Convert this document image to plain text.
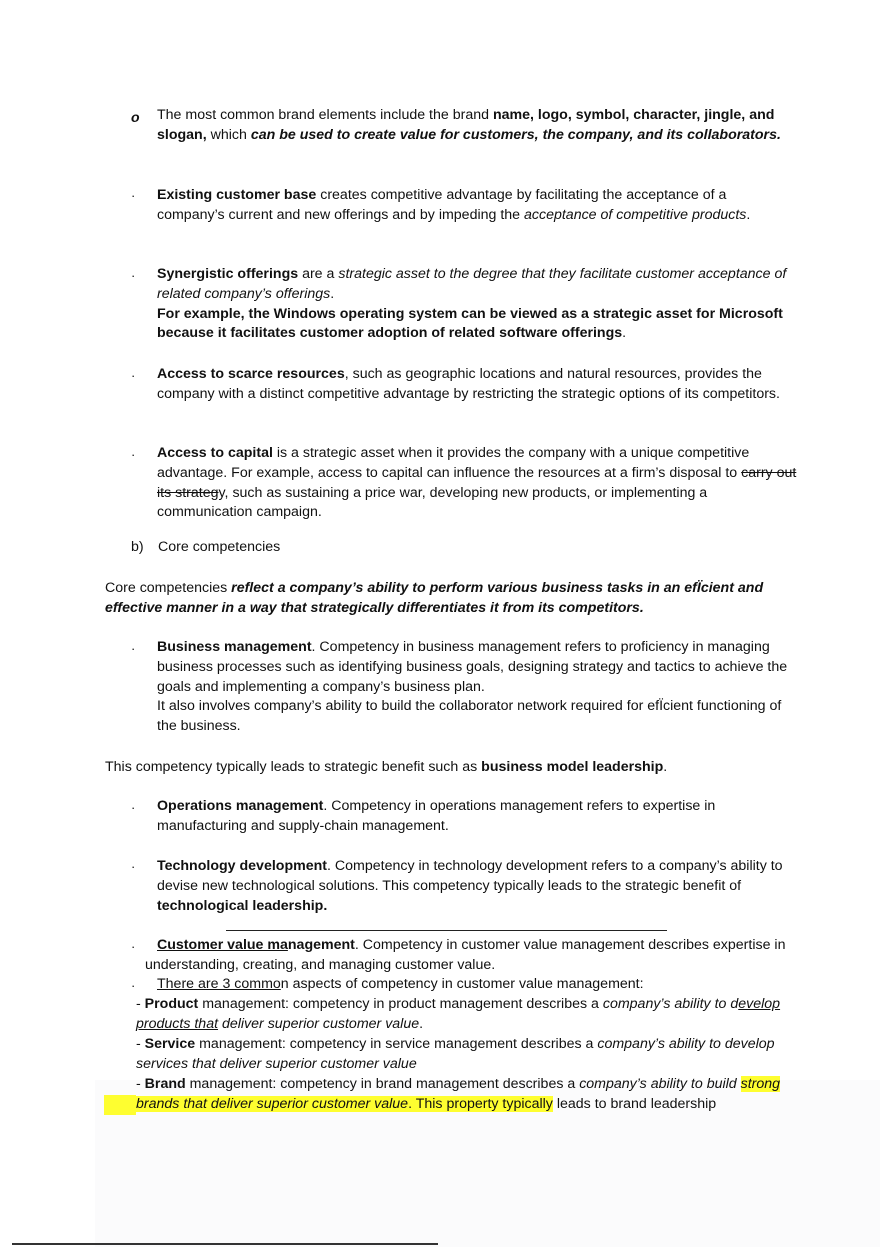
o The most common brand elements include the brand name, logo, symbol, character, jingle, and slogan, which can be used to create value for customers, the company, and its collaborators.
· Existing customer base creates competitive advantage by facilitating the acceptance of a company’s current and new offerings and by impeding the acceptance of competitive products.
· Synergistic offerings are a strategic asset to the degree that they facilitate customer acceptance of related company’s offerings.
For example, the Windows operating system can be viewed as a strategic asset for Microsoft because it facilitates customer adoption of related software offerings.
· Access to scarce resources, such as geographic locations and natural resources, provides the company with a distinct competitive advantage by restricting the strategic options of its competitors.
· Access to capital is a strategic asset when it provides the company with a unique competitive advantage. For example, access to capital can influence the resources at a firm’s disposal to carry out its strategy, such as sustaining a price war, developing new products, or implementing a communication campaign.
b) Core competencies
Core competencies reflect a company’s ability to perform various business tasks in an efÏcient and effective manner in a way that strategically differentiates it from its competitors.
· Business management. Competency in business management refers to proficiency in managing business processes such as identifying business goals, designing strategy and tactics to achieve the goals and implementing a company’s business plan.
It also involves company’s ability to build the collaborator network required for efÏcient functioning of the business.
This competency typically leads to strategic benefit such as business model leadership.
· Operations management. Competency in operations management refers to expertise in manufacturing and supply-chain management.
· Technology development. Competency in technology development refers to a company’s ability to devise new technological solutions. This competency typically leads to the strategic benefit of technological leadership.
·	Customer value management. Competency in customer value management describes expertise in understanding, creating, and managing customer value.
·	There are 3 common aspects of competency in customer value management:
- Product management: competency in product management describes a company’s ability to develop products that deliver superior customer value.
- Service management: competency in service management describes a company’s ability to develop services that deliver superior customer value
- Brand management: competency in brand management describes a company’s ability to build strong brands that deliver superior customer value. This property typically leads to brand leadership
